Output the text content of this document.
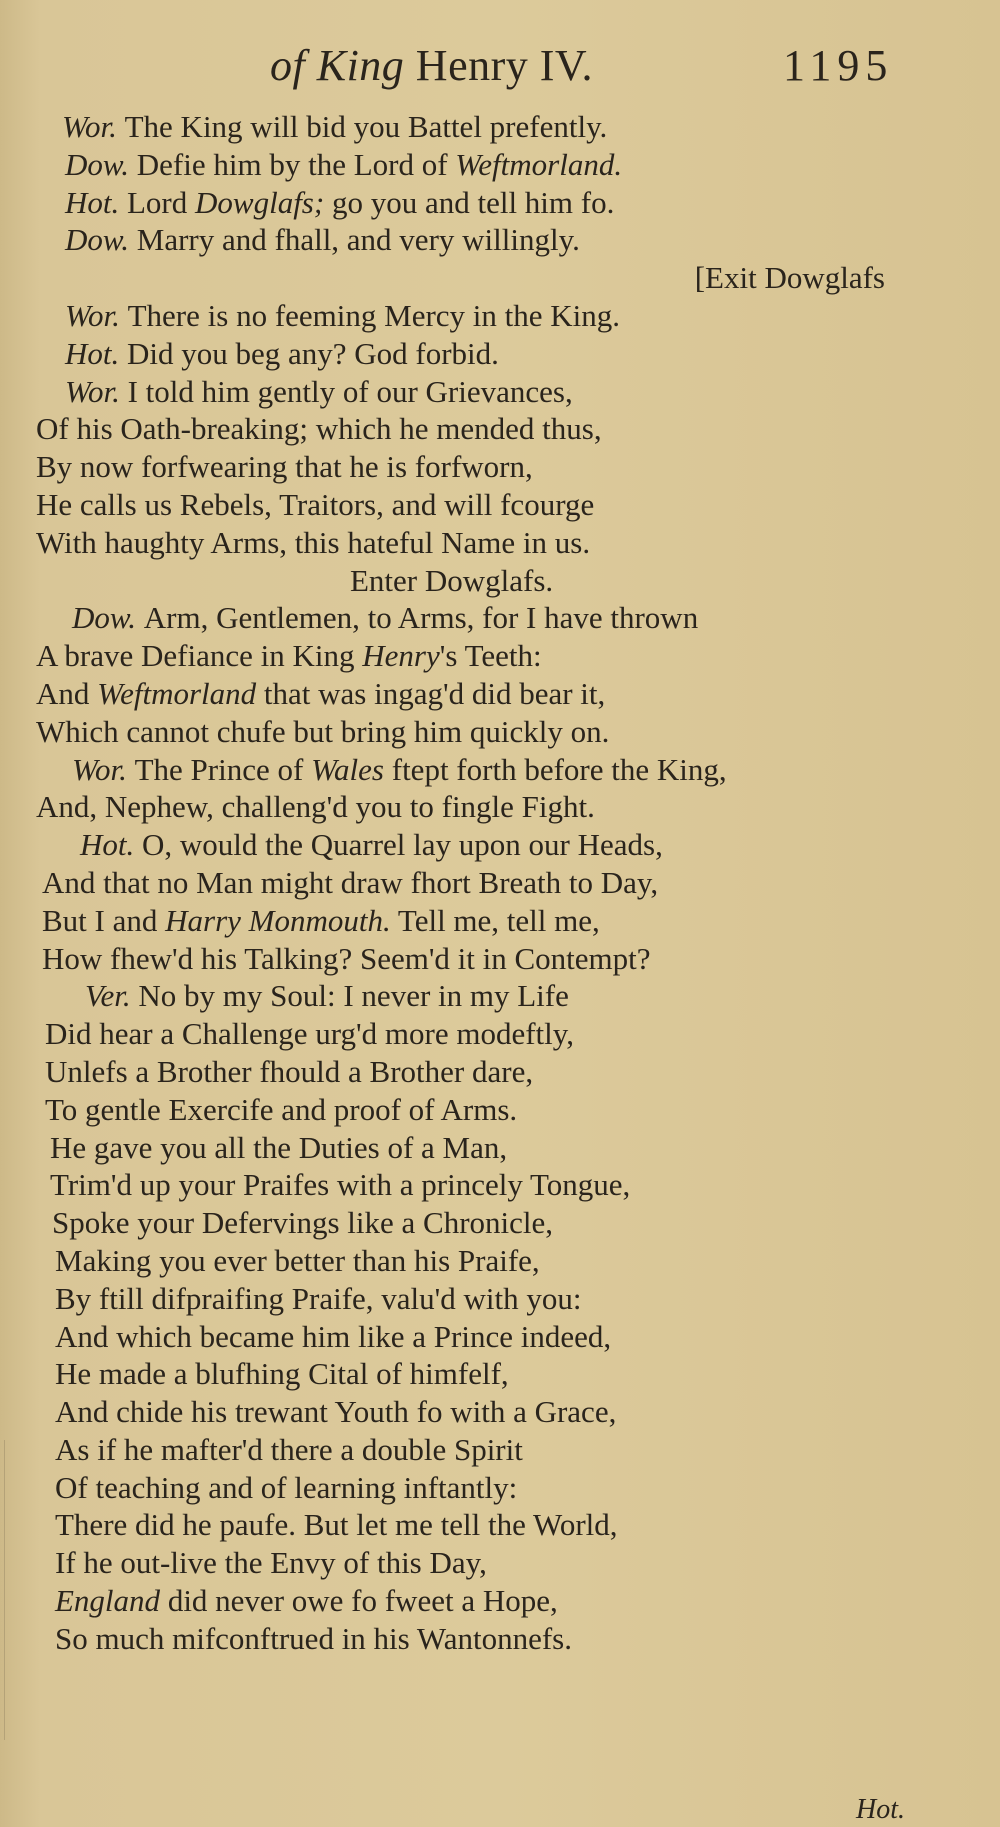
of King Henry IV.	1195
Wor. The King will bid you Battel prefently.
Dow. Defie him by the Lord of Weftmorland.
Hot. Lord Dowglafs; go you and tell him fo.
Dow. Marry and fhall, and very willingly.
[Exit Dowglafs
Wor. There is no feeming Mercy in the King.
Hot. Did you beg any? God forbid.
Wor. I told him gently of our Grievances,
Of his Oath-breaking; which he mended thus,
By now forfwearing that he is forfworn,
He calls us Rebels, Traitors, and will fcourge
With haughty Arms, this hateful Name in us.
Enter Dowglafs.
Dow. Arm, Gentlemen, to Arms, for I have thrown
A brave Defiance in King Henry's Teeth:
And Weftmorland that was ingag'd did bear it,
Which cannot chufe but bring him quickly on.
Wor. The Prince of Wales ftept forth before the King,
And, Nephew, challeng'd you to fingle Fight.
Hot. O, would the Quarrel lay upon our Heads,
And that no Man might draw fhort Breath to Day,
But I and Harry Monmouth. Tell me, tell me,
How fhew'd his Talking? Seem'd it in Contempt?
Ver. No by my Soul: I never in my Life
Did hear a Challenge urg'd more modeftly,
Unlefs a Brother fhould a Brother dare,
To gentle Exercife and proof of Arms.
He gave you all the Duties of a Man,
Trim'd up your Praifes with a princely Tongue,
Spoke your Defervings like a Chronicle,
Making you ever better than his Praife,
By ftill difpraifing Praife, valu'd with you:
And which became him like a Prince indeed,
He made a blufhing Cital of himfelf,
And chide his trewant Youth fo with a Grace,
As if he mafter'd there a double Spirit
Of teaching and of learning inftantly:
There did he paufe. But let me tell the World,
If he out-live the Envy of this Day,
England did never owe fo fweet a Hope,
So much mifconftrued in his Wantonnefs.
Hot.
